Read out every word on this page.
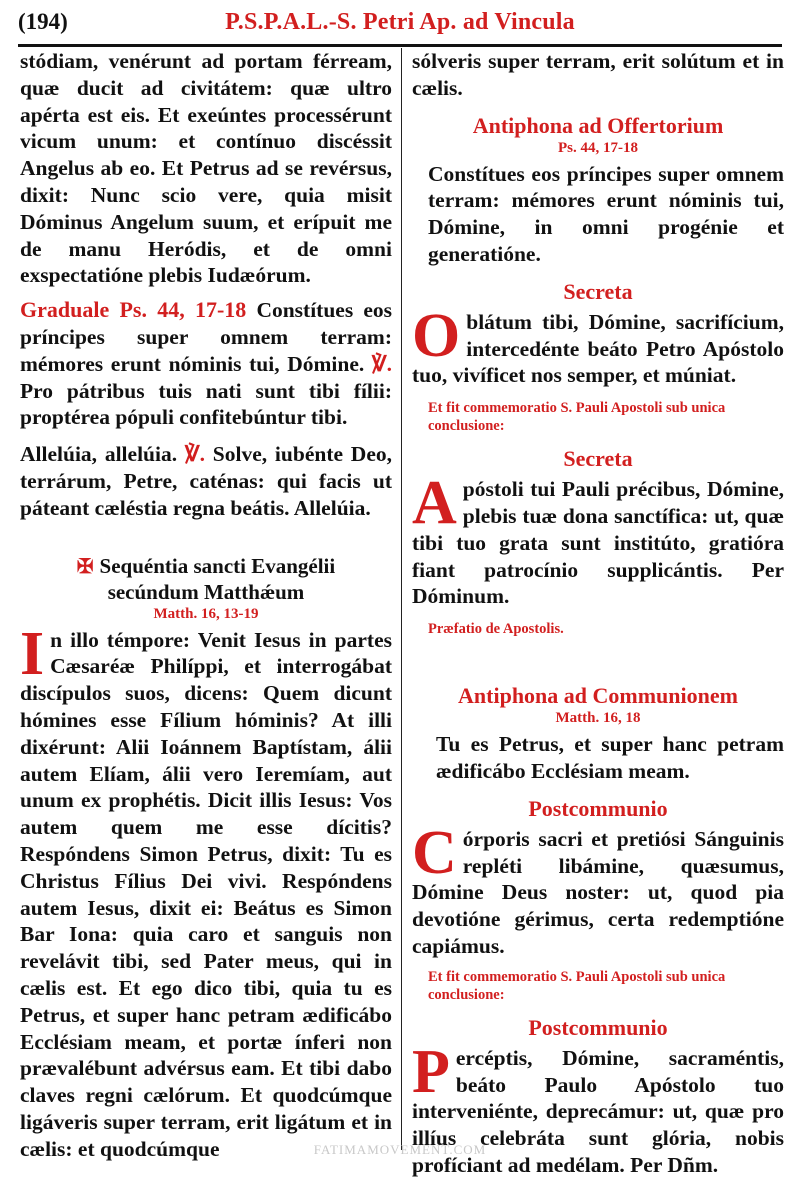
(194)	P.S.P.A.L.-S. Petri Ap. ad Vincula

stódiam, venérunt ad portam férream, quæ ducit ad civitátem: quæ ultro apérta est eis. Et exeúntes processérunt vicum unum: et contínuo discéssit Angelus ab eo. Et Petrus ad se revérsus, dixit: Nunc scio vere, quia misit Dóminus Angelum suum, et erípuit me de manu Heródis, et de omni exspectatióne plebis Iudæórum.

Graduale Ps. 44, 17-18 Constítues eos príncipes super omnem terram: mémores erunt nóminis tui, Dómine. ℣. Pro pátribus tuis nati sunt tibi fílii: proptérea pópuli confitebúntur tibi.

Allelúia, allelúia. ℣. Solve, iubénte Deo, terrárum, Petre, caténas: qui facis ut páteant cæléstia regna beátis. Allelúia.

✠ Sequéntia sancti Evangélii

secúndum Matthǽum

Matth. 16, 13-19

In illo témpore: Venit Iesus in partes Cæsaréæ Philíppi, et interrogábat discípulos suos, dicens: Quem dicunt hómines esse Fílium hóminis? At illi dixérunt: Alii Ioánnem Baptístam, álii autem Elíam, álii vero Ieremíam, aut unum ex prophétis. Dicit illis Iesus: Vos autem quem me esse dícitis? Respóndens Simon Petrus, dixit: Tu es Christus Fílius Dei vivi. Respóndens autem Iesus, dixit ei: Beátus es Simon Bar Iona: quia caro et sanguis non revelávit tibi, sed Pater meus, qui in cælis est. Et ego dico tibi, quia tu es Petrus, et super hanc petram ædificábo Ecclésiam meam, et portæ ínferi non prævalébunt advérsus eam. Et tibi dabo claves regni cælórum. Et quodcúmque ligáveris super terram, erit ligátum et in cælis: et quodcúmque

sólveris super terram, erit solútum et in cælis.

Antiphona ad Offertorium

Ps. 44, 17-18

Constítues eos príncipes super omnem terram: mémores erunt nóminis tui, Dómine, in omni progénie et generatióne.

Secreta

Oblátum tibi, Dómine, sacrifícium, intercedénte beáto Petro Apóstolo tuo, vivíficet nos semper, et múniat.

Et fit commemoratio S. Pauli Apostoli sub unica conclusione:

Secreta

Apóstoli tui Pauli précibus, Dómine, plebis tuæ dona sanctífica: ut, quæ tibi tuo grata sunt institúto, gratióra fiant patrocínio supplicántis. Per Dóminum.

Præfatio de Apostolis.

Antiphona ad Communionem

Matth. 16, 18

Tu es Petrus, et super hanc petram ædificábo Ecclésiam meam.

Postcommunio

Córporis sacri et pretiósi Sánguinis repléti libámine, quæsumus, Dómine Deus noster: ut, quod pia devotióne gérimus, certa redemptióne capiámus.

Et fit commemoratio S. Pauli Apostoli sub unica conclusione:

Postcommunio

Percéptis, Dómine, sacraméntis, beáto Paulo Apóstolo tuo interveniénte, deprecámur: ut, quæ pro illíus celebráta sunt glória, nobis profíciant ad medélam. Per Dñm.

FATIMAMOVEMENT.COM
